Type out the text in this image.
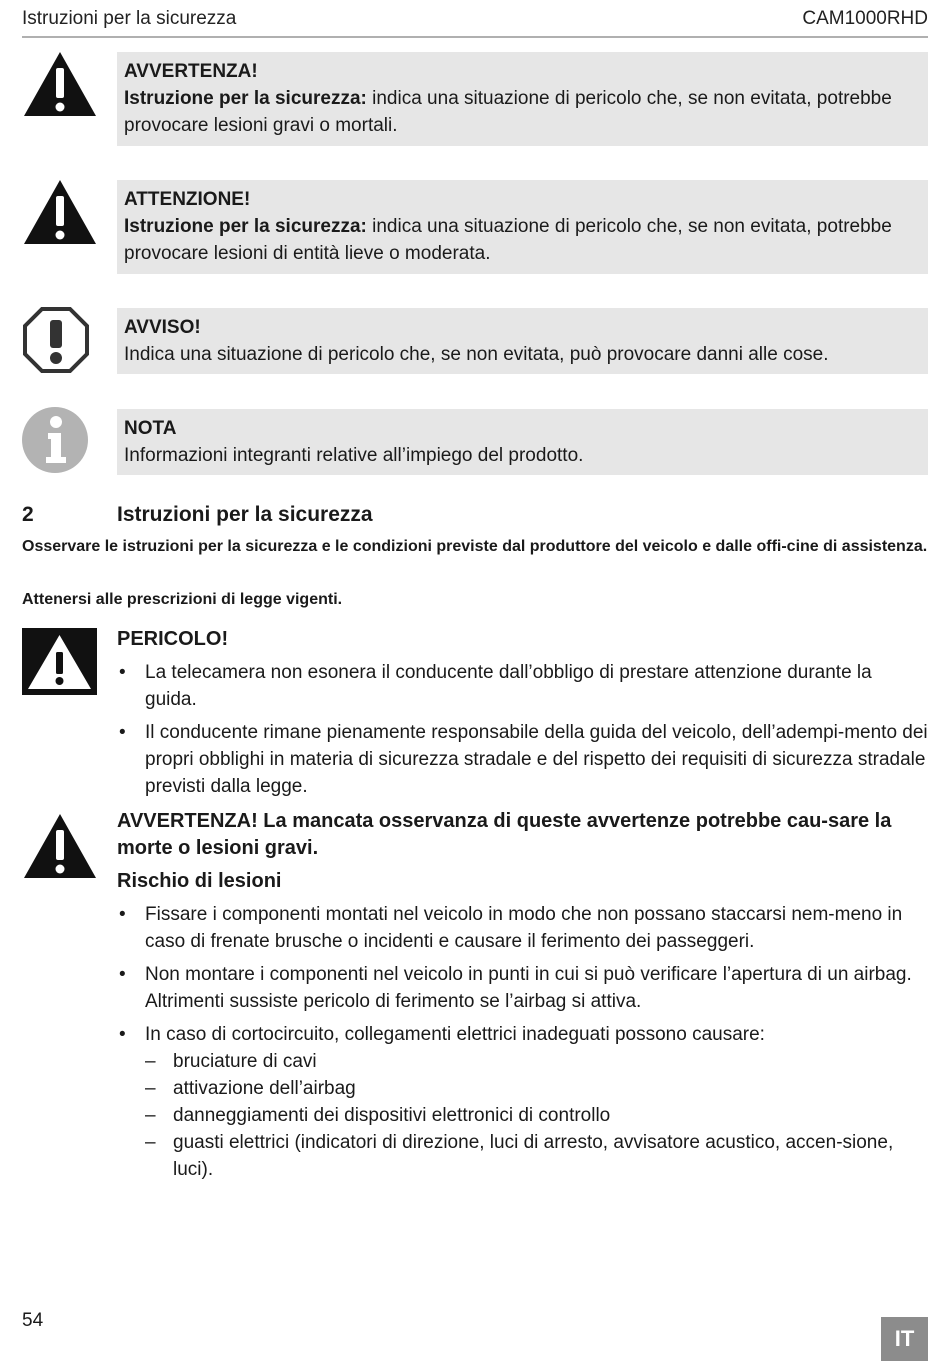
Istruzioni per la sicurezza	CAM1000RHD
AVVERTENZA!
Istruzione per la sicurezza: indica una situazione di pericolo che, se non evitata, potrebbe provocare lesioni gravi o mortali.
ATTENZIONE!
Istruzione per la sicurezza: indica una situazione di pericolo che, se non evitata, potrebbe provocare lesioni di entità lieve o moderata.
AVVISO!
Indica una situazione di pericolo che, se non evitata, può provocare danni alle cose.
NOTA
Informazioni integranti relative all’impiego del prodotto.
2	Istruzioni per la sicurezza
Osservare le istruzioni per la sicurezza e le condizioni previste dal produttore del veicolo e dalle offi-cine di assistenza.
Attenersi alle prescrizioni di legge vigenti.
PERICOLO!
• La telecamera non esonera il conducente dall’obbligo di prestare attenzione durante la guida.
• Il conducente rimane pienamente responsabile della guida del veicolo, dell’adempi-mento dei propri obblighi in materia di sicurezza stradale e del rispetto dei requisiti di sicurezza stradale previsti dalla legge.
AVVERTENZA! La mancata osservanza di queste avvertenze potrebbe cau-sare la morte o lesioni gravi.
Rischio di lesioni
• Fissare i componenti montati nel veicolo in modo che non possano staccarsi nem-meno in caso di frenate brusche o incidenti e causare il ferimento dei passeggeri.
• Non montare i componenti nel veicolo in punti in cui si può verificare l’apertura di un airbag. Altrimenti sussiste pericolo di ferimento se l’airbag si attiva.
• In caso di cortocircuito, collegamenti elettrici inadeguati possono causare:
– bruciature di cavi
– attivazione dell’airbag
– danneggiamenti dei dispositivi elettronici di controllo
– guasti elettrici (indicatori di direzione, luci di arresto, avvisatore acustico, accen-sione, luci).
54
IT
